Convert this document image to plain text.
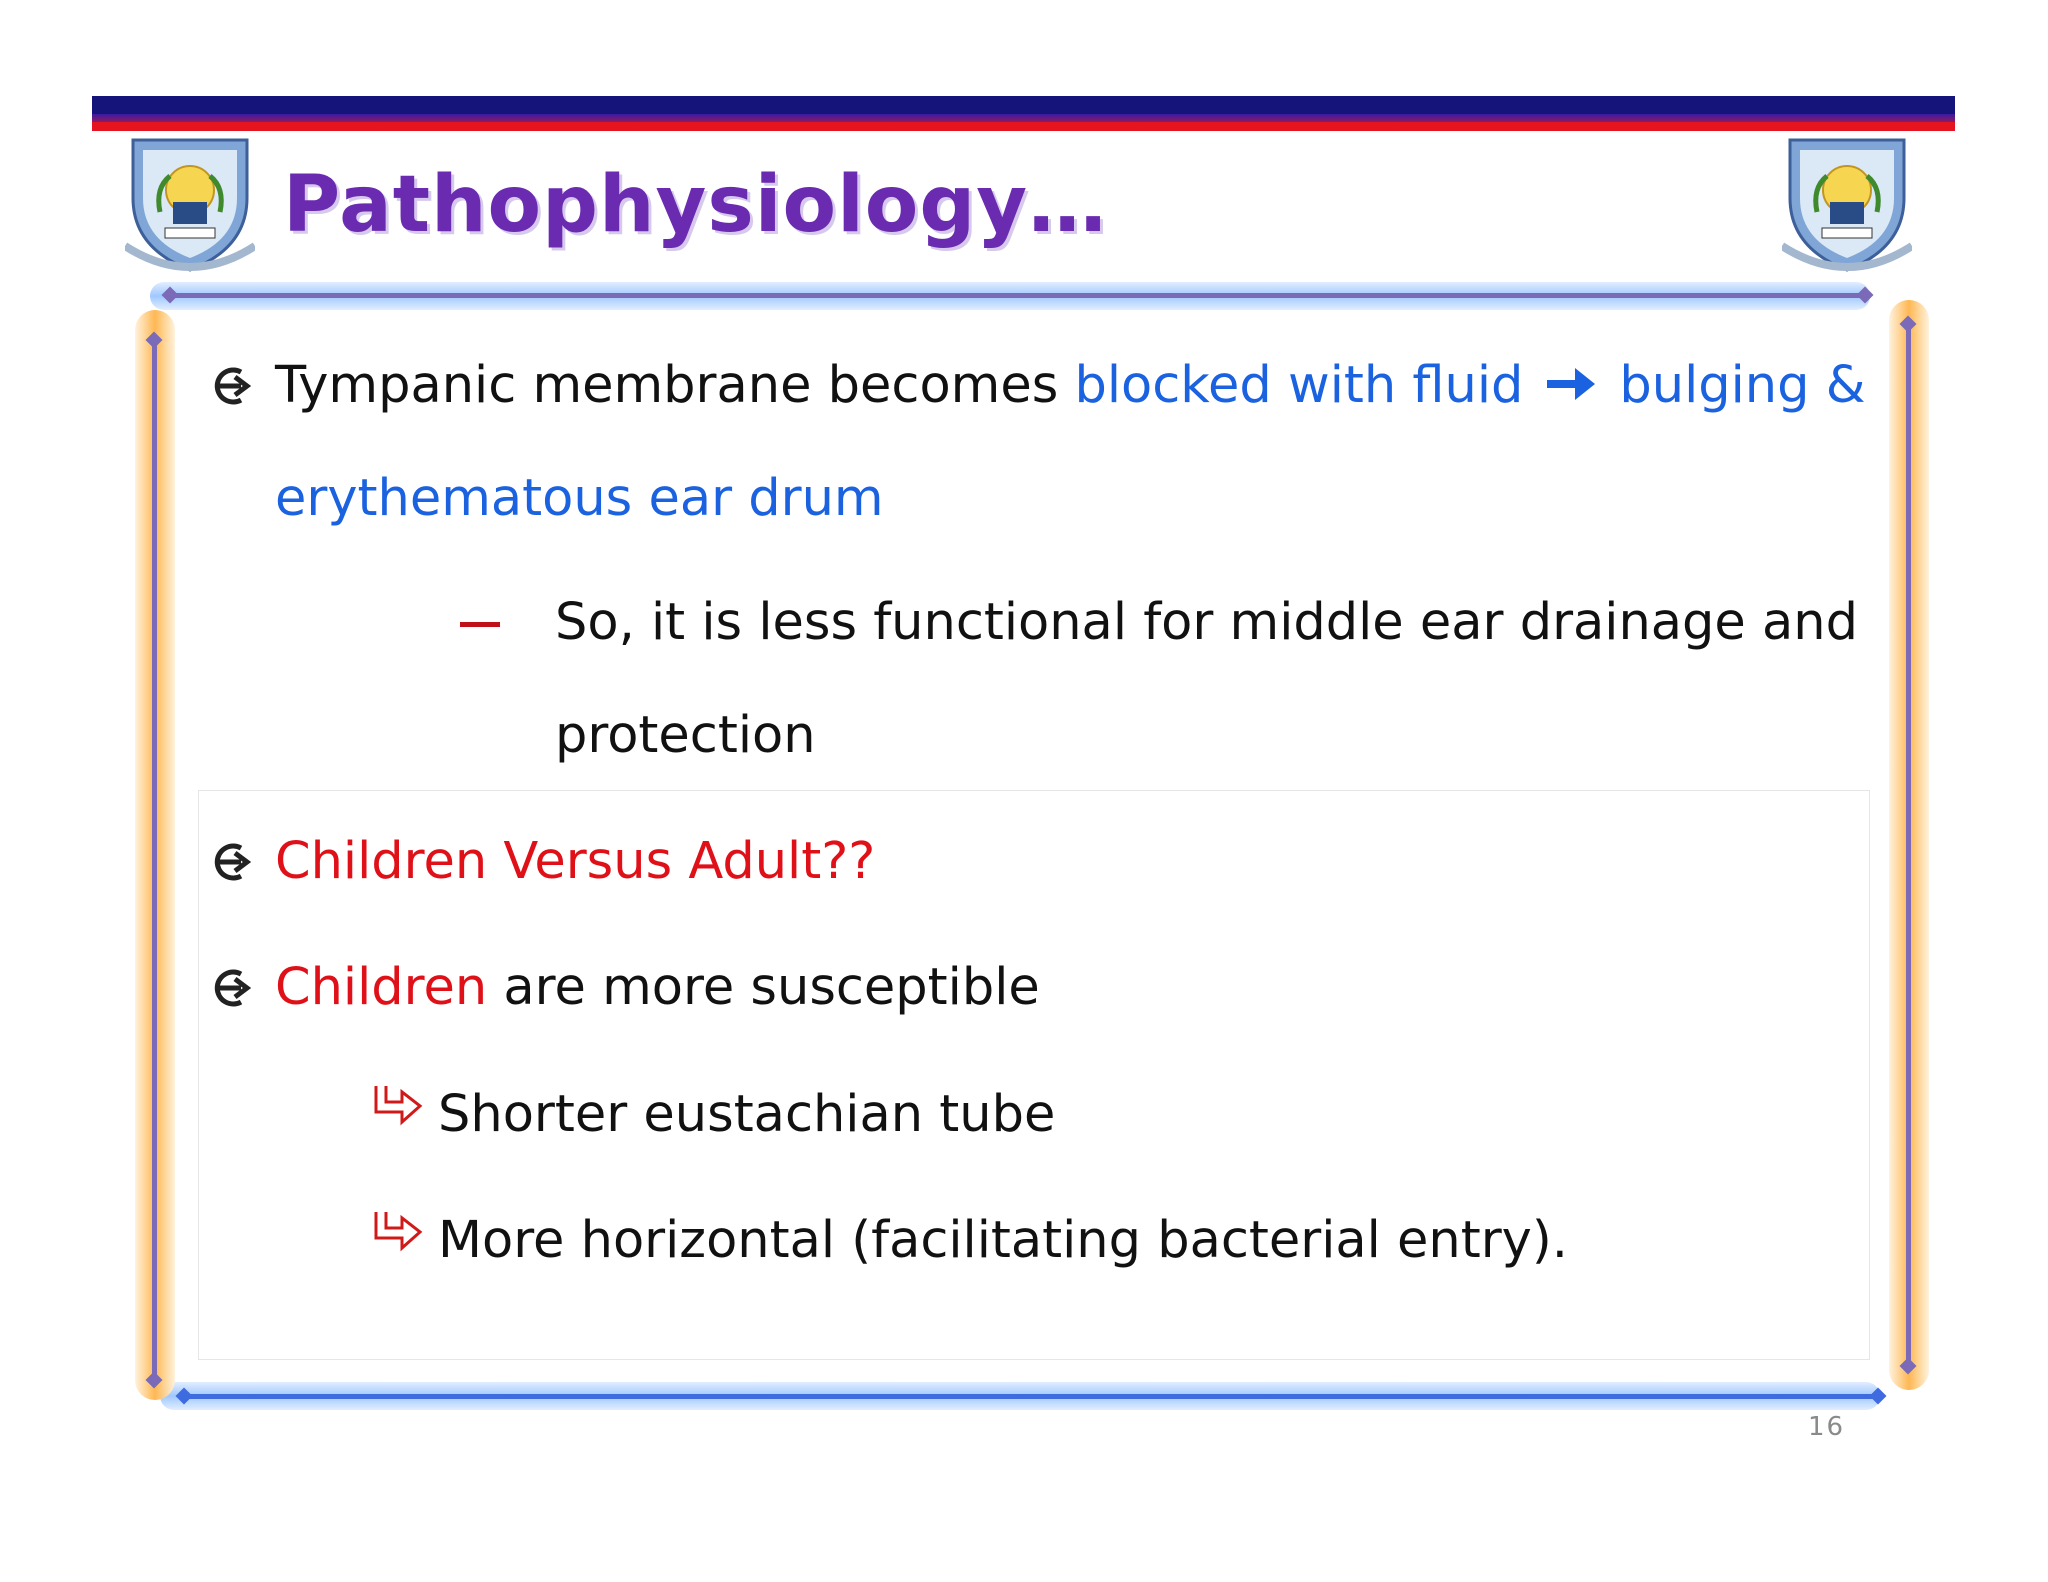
Pathophysiology…
Tympanic membrane becomes blocked with fluid bulging &
erythematous ear drum
So, it is less functional for middle ear drainage and
protection
Children Versus Adult??
Children are more susceptible
Shorter eustachian tube
More horizontal (facilitating bacterial entry).
16
